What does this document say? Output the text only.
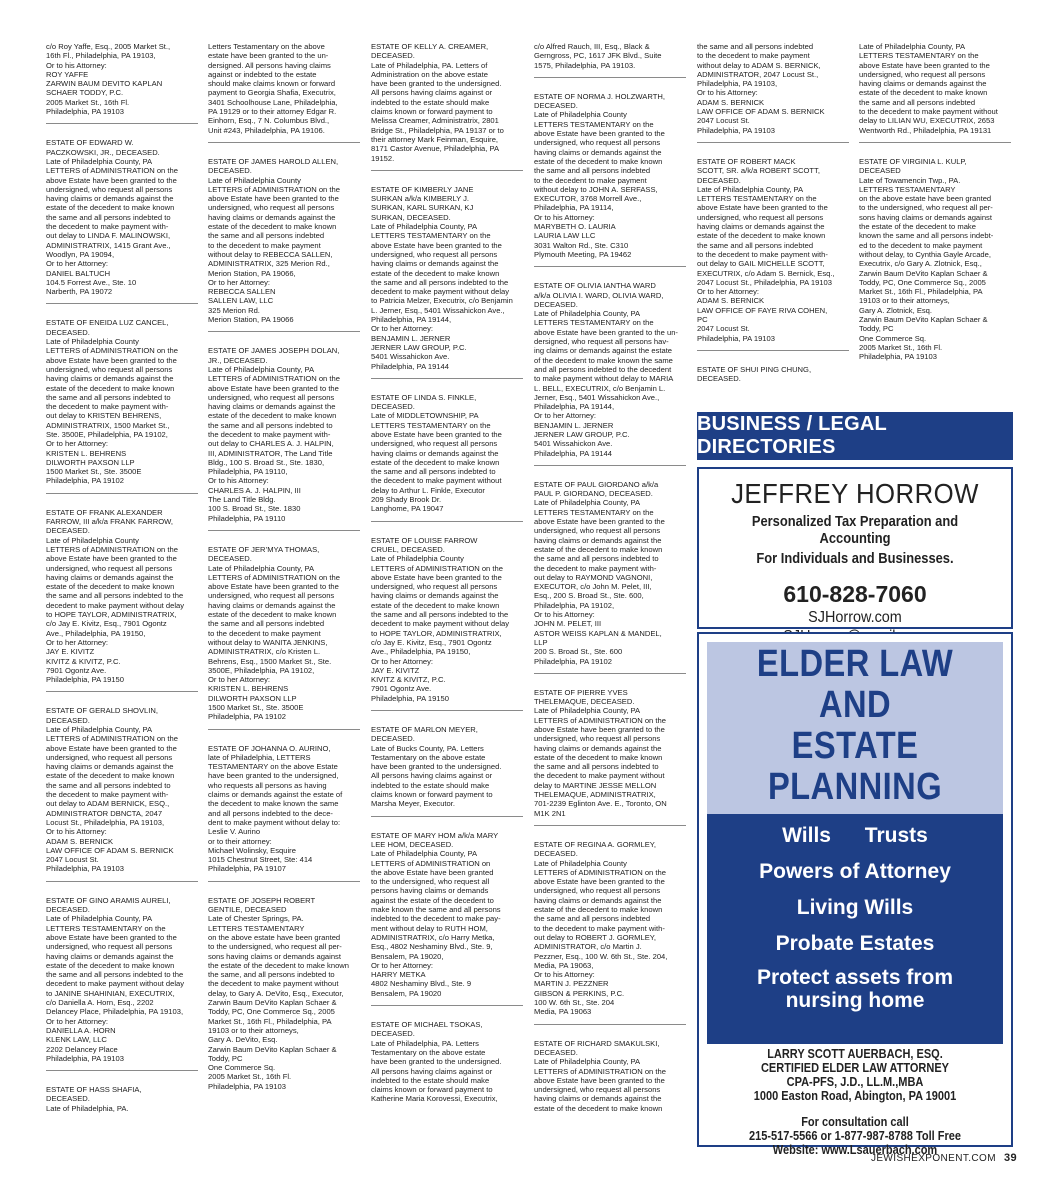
c/o Roy Yaffe, Esq., 2005 Market St.,
16th Fl., Philadelphia, PA 19103,
Or to his Attorney:
ROY YAFFE
ZARWIN BAUM DEVITO KAPLAN
SCHAER TODDY, P.C.
2005 Market St., 16th Fl.
Philadelphia, PA 19103
ESTATE OF EDWARD W.
PACZKOWSKI, JR., DECEASED.
Late of Philadelphia County, PA
LETTERS of ADMINISTRATION on the
above Estate have been granted to the
undersigned, who request all persons
having claims or demands against the
estate of the decedent to make known
the same and all persons indebted to
the decedent to make payment with-
out delay to LINDA F. MALINOWSKI,
ADMINISTRATRIX, 1415 Grant Ave.,
Woodlyn, PA 19094,
Or to her Attorney:
DANIEL BALTUCH
104.5 Forrest Ave., Ste. 10
Narberth, PA 19072
ESTATE OF ENEIDA LUZ CANCEL,
DECEASED.
Late of Philadelphia County
LETTERS of ADMINISTRATION on the
above Estate have been granted to the
undersigned, who request all persons
having claims or demands against the
estate of the decedent to make known
the same and all persons indebted to
the decedent to make payment with-
out delay to KRISTEN BEHRENS,
ADMINISTRATRIX, 1500 Market St.,
Ste. 3500E, Philadelphia, PA 19102,
Or to her Attorney:
KRISTEN L. BEHRENS
DILWORTH PAXSON LLP
1500 Market St., Ste. 3500E
Philadelphia, PA 19102
ESTATE OF FRANK ALEXANDER
FARROW, III a/k/a FRANK FARROW,
DECEASED.
Late of Philadelphia County
LETTERS of ADMINISTRATION on the
above Estate have been granted to the
undersigned, who request all persons
having claims or demands against the
estate of the decedent to make known
the same and all persons indebted to the
decedent to make payment without delay
to HOPE TAYLOR, ADMINISTRATRIX,
c/o Jay E. Kivitz, Esq., 7901 Ogontz
Ave., Philadelphia, PA 19150,
Or to her Attorney:
JAY E. KIVITZ
KIVITZ & KIVITZ, P.C.
7901 Ogontz Ave.
Philadelphia, PA 19150
ESTATE OF GERALD SHOVLIN,
DECEASED.
Late of Philadelphia County, PA
LETTERS of ADMINISTRATION on the
above Estate have been granted to the
undersigned, who request all persons
having claims or demands against the
estate of the decedent to make known
the same and all persons indebted to
the decedent to make payment with-
out delay to ADAM BERNICK, ESQ.,
ADMINISTRATOR DBNCTA, 2047
Locust St., Philadelphia, PA 19103,
Or to his Attorney:
ADAM S. BERNICK
LAW OFFICE OF ADAM S. BERNICK
2047 Locust St.
Philadelphia, PA 19103
ESTATE OF GINO ARAMIS AURELI,
DECEASED.
Late of Philadelphia County, PA
LETTERS TESTAMENTARY on the
above Estate have been granted to the
undersigned, who request all persons
having claims or demands against the
estate of the decedent to make known
the same and all persons indebted to the
decedent to make payment without delay
to JANINE SHAHINIAN, EXECUTRIX,
c/o Daniella A. Horn, Esq., 2202
Delancey Place, Philadelphia, PA 19103,
Or to her Attorney:
DANIELLA A. HORN
KLENK LAW, LLC
2202 Delancey Place
Philadelphia, PA 19103
ESTATE OF HASS SHAFIA,
DECEASED.
Late of Philadelphia, PA.
Letters Testamentary on the above
estate have been granted to the un-
dersigned. All persons having claims
against or indebted to the estate
should make claims known or forward
payment to Georgia Shafia, Executrix,
3401 Schoolhouse Lane, Philadelphia,
PA 19129 or to their attorney Edgar R.
Einhorn, Esq., 7 N. Columbus Blvd.,
Unit #243, Philadelphia, PA 19106.
ESTATE OF JAMES HAROLD ALLEN,
DECEASED.
Late of Philadelphia County
LETTERS of ADMINISTRATION on the
above Estate have been granted to the
undersigned, who request all persons
having claims or demands against the
estate of the decedent to make known
the same and all persons indebted
to the decedent to make payment
without delay to REBECCA SALLEN,
ADMINISTRATRIX, 325 Merion Rd.,
Merion Station, PA 19066,
Or to her Attorney:
REBECCA SALLEN
SALLEN LAW, LLC
325 Merion Rd.
Merion Station, PA 19066
ESTATE OF JAMES JOSEPH DOLAN,
JR., DECEASED.
Late of Philadelphia County, PA
LETTERS of ADMINISTRATION on the
above Estate have been granted to the
undersigned, who request all persons
having claims or demands against the
estate of the decedent to make known
the same and all persons indebted to
the decedent to make payment with-
out delay to CHARLES A. J. HALPIN,
III, ADMINISTRATOR, The Land Title
Bldg., 100 S. Broad St., Ste. 1830,
Philadelphia, PA 19110,
Or to his Attorney:
CHARLES A. J. HALPIN, III
The Land Title Bldg.
100 S. Broad St., Ste. 1830
Philadelphia, PA 19110
ESTATE OF JER’MYA THOMAS,
DECEASED.
Late of Philadelphia County, PA
LETTERS of ADMINISTRATION on the
above Estate have been granted to the
undersigned, who request all persons
having claims or demands against the
estate of the decedent to make known
the same and all persons indebted
to the decedent to make payment
without delay to WANITA JENKINS,
ADMINISTRATRIX, c/o Kristen L.
Behrens, Esq., 1500 Market St., Ste.
3500E, Philadelphia, PA 19102,
Or to her Attorney:
KRISTEN L. BEHRENS
DILWORTH PAXSON LLP
1500 Market St., Ste. 3500E
Philadelphia, PA 19102
ESTATE OF JOHANNA O. AURINO,
late of Philadelphia, LETTERS
TESTAMENTARY on the above Estate
have been granted to the undersigned,
who requests all persons as having
claims or demands against the estate of
the decedent to make known the same
and all persons indebted to the dece-
dent to make payment without delay to:
Leslie V. Aurino
or to their attorney:
Michael Wolinsky, Esquire
1015 Chestnut Street, Ste: 414
Philadelphia, PA 19107
ESTATE OF JOSEPH ROBERT
GENTILE, DECEASED
Late of Chester Springs, PA.
LETTERS TESTAMENTARY
on the above estate have been granted
to the undersigned, who request all per-
sons having claims or demands against
the estate of the decedent to make known
the same, and all persons indebted to
the decedent to make payment without
delay, to Gary A. DeVito, Esq., Executor,
Zarwin Baum DeVito Kaplan Schaer &
Toddy, PC, One Commerce Sq., 2005
Market St., 16th Fl., Philadelphia, PA
19103 or to their attorneys,
Gary A. DeVito, Esq.
Zarwin Baum DeVito Kaplan Schaer &
Toddy, PC
One Commerce Sq.
2005 Market St., 16th Fl.
Philadelphia, PA 19103
ESTATE OF KELLY A. CREAMER,
DECEASED.
Late of Philadelphia, PA. Letters of
Administration on the above estate
have been granted to the undersigned.
All persons having claims against or
indebted to the estate should make
claims known or forward payment to
Melissa Creamer, Administratrix, 2801
Bridge St., Philadelphia, PA 19137 or to
their attorney Mark Feinman, Esquire,
8171 Castor Avenue, Philadelphia, PA
19152.
ESTATE OF KIMBERLY JANE
SURKAN a/k/a KIMBERLY J.
SURKAN, KARL SURKAN, KJ
SURKAN, DECEASED.
Late of Philadelphia County, PA
LETTERS TESTAMENTARY on the
above Estate have been granted to the
undersigned, who request all persons
having claims or demands against the
estate of the decedent to make known
the same and all persons indebted to the
decedent to make payment without delay
to Patricia Melzer, Executrix, c/o Benjamin
L. Jerner, Esq., 5401 Wissahickon Ave.,
Philadelphia, PA 19144,
Or to her Attorney:
BENJAMIN L. JERNER
JERNER LAW GROUP, P.C.
5401 Wissahickon Ave.
Philadelphia, PA 19144
ESTATE OF LINDA S. FINKLE,
DECEASED.
Late of MIDDLETOWNSHIP, PA
LETTERS TESTAMENTARY on the
above Estate have been granted to the
undersigned, who request all persons
having claims or demands against the
estate of the decedent to make known
the same and all persons indebted to
the decedent to make payment without
delay to Arthur L. Finkle, Executor
209 Shady Brook Dr.
Langhome, PA 19047
ESTATE OF LOUISE FARROW
CRUEL, DECEASED.
Late of Philadelphia County
LETTERS of ADMINISTRATION on the
above Estate have been granted to the
undersigned, who request all persons
having claims or demands against the
estate of the decedent to make known
the same and all persons indebted to the
decedent to make payment without delay
to HOPE TAYLOR, ADMINISTRATRIX,
c/o Jay E. Kivitz, Esq., 7901 Ogontz
Ave., Philadelphia, PA 19150,
Or to her Attorney:
JAY E. KIVITZ
KIVITZ & KIVITZ, P.C.
7901 Ogontz Ave.
Philadelphia, PA 19150
ESTATE OF MARLON MEYER,
DECEASED.
Late of Bucks County, PA. Letters
Testamentary on the above estate
have been granted to the undersigned.
All persons having claims against or
indebted to the estate should make
claims known or forward payment to
Marsha Meyer, Executor.
ESTATE OF MARY HOM a/k/a MARY
LEE HOM, DECEASED.
Late of Philadelphia County, PA
LETTERS of ADMINISTRATION on
the above Estate have been granted
to the undersigned, who request all
persons having claims or demands
against the estate of the decedent to
make known the same and all persons
indebted to the decedent to make pay-
ment without delay to RUTH HOM,
ADMINISTRATRIX, c/o Harry Metka,
Esq., 4802 Neshaminy Blvd., Ste. 9,
Bensalem, PA 19020,
Or to her Attorney:
HARRY METKA
4802 Neshaminy Blvd., Ste. 9
Bensalem, PA 19020
ESTATE OF MICHAEL TSOKAS,
DECEASED.
Late of Philadelphia, PA. Letters
Testamentary on the above estate
have been granted to the undersigned.
All persons having claims against or
indebted to the estate should make
claims known or forward payment to
Katherine Maria Korovessi, Executrix,
c/o Alfred Rauch, III, Esq., Black &
Gerngross, PC, 1617 JFK Blvd., Suite
1575, Philadelphia, PA 19103.
ESTATE OF NORMA J. HOLZWARTH,
DECEASED.
Late of Philadelphia County
LETTERS TESTAMENTARY on the
above Estate have been granted to the
undersigned, who request all persons
having claims or demands against the
estate of the decedent to make known
the same and all persons indebted
to the decedent to make payment
without delay to JOHN A. SERFASS,
EXECUTOR, 3768 Morrell Ave.,
Philadelphia, PA 19114,
Or to his Attorney:
MARYBETH O. LAURIA
LAURIA LAW LLC
3031 Walton Rd., Ste. C310
Plymouth Meeting, PA 19462
ESTATE OF OLIVIA IANTHA WARD
a/k/a OLIVIA I. WARD, OLIVIA WARD,
DECEASED.
Late of Philadelphia County, PA
LETTERS TESTAMENTARY on the
above Estate have been granted to the un-
dersigned, who request all persons hav-
ing claims or demands against the estate
of the decedent to make known the same
and all persons indebted to the decedent
to make payment without delay to MARIA
L. BELL, EXECUTRIX, c/o Benjamin L.
Jerner, Esq., 5401 Wissahickon Ave.,
Philadelphia, PA 19144,
Or to her Attorney:
BENJAMIN L. JERNER
JERNER LAW GROUP, P.C.
5401 Wissahickon Ave.
Philadelphia, PA 19144
ESTATE OF PAUL GIORDANO a/k/a
PAUL P. GIORDANO, DECEASED.
Late of Philadelphia County, PA
LETTERS TESTAMENTARY on the
above Estate have been granted to the
undersigned, who request all persons
having claims or demands against the
estate of the decedent to make known
the same and all persons indebted to
the decedent to make payment with-
out delay to RAYMOND VAGNONI,
EXECUTOR, c/o John M. Pelet, III,
Esq., 200 S. Broad St., Ste. 600,
Philadelphia, PA 19102,
Or to his Attorney:
JOHN M. PELET, III
ASTOR WEISS KAPLAN & MANDEL,
LLP
200 S. Broad St., Ste. 600
Philadelphia, PA 19102
ESTATE OF PIERRE YVES
THELEMAQUE, DECEASED.
Late of Philadelphia County, PA
LETTERS of ADMINISTRATION on the
above Estate have been granted to the
undersigned, who request all persons
having claims or demands against the
estate of the decedent to make known
the same and all persons indebted to
the decedent to make payment without
delay to MARTINE JESSE MELLON
THELEMAQUE, ADMINISTRATRIX,
701-2239 Eglinton Ave. E., Toronto, ON
M1K 2N1
ESTATE OF REGINA A. GORMLEY,
DECEASED.
Late of Philadelphia County
LETTERS of ADMINISTRATION on the
above Estate have been granted to the
undersigned, who request all persons
having claims or demands against the
estate of the decedent to make known
the same and all persons indebted
to the decedent to make payment with-
out delay to ROBERT J. GORMLEY,
ADMINISTRATOR, c/o Martin J.
Pezzner, Esq., 100 W. 6th St., Ste. 204,
Media, PA 19063,
Or to his Attorney:
MARTIN J. PEZZNER
GIBSON & PERKINS, P.C.
100 W. 6th St., Ste. 204
Media, PA 19063
ESTATE OF RICHARD SMAKULSKI,
DECEASED.
Late of Philadelphia County, PA
LETTERS of ADMINISTRATION on the
above Estate have been granted to the
undersigned, who request all persons
having claims or demands against the
estate of the decedent to make known
the same and all persons indebted
to the decedent to make payment
without delay to ADAM S. BERNICK,
ADMINISTRATOR, 2047 Locust St.,
Philadelphia, PA 19103,
Or to his Attorney:
ADAM S. BERNICK
LAW OFFICE OF ADAM S. BERNICK
2047 Locust St.
Philadelphia, PA 19103
ESTATE OF ROBERT MACK
SCOTT, SR. a/k/a ROBERT SCOTT,
DECEASED.
Late of Philadelphia County, PA
LETTERS TESTAMENTARY on the
above Estate have been granted to the
undersigned, who request all persons
having claims or demands against the
estate of the decedent to make known
the same and all persons indebted
to the decedent to make payment with-
out delay to GAIL MICHELLE SCOTT,
EXECUTRIX, c/o Adam S. Bernick, Esq.,
2047 Locust St., Philadelphia, PA 19103
Or to her Attorney:
ADAM S. BERNICK
LAW OFFICE OF FAYE RIVA COHEN,
PC
2047 Locust St.
Philadelphia, PA 19103
ESTATE OF SHUI PING CHUNG,
DECEASED.
Late of Philadelphia County, PA
LETTERS TESTAMENTARY on the
above Estate have been granted to the
undersigned, who request all persons
having claims or demands against the
estate of the decedent to make known
the same and all persons indebted
to the decedent to make payment without
delay to LILIAN WU, EXECUTRIX, 2653
Wentworth Rd., Philadelphia, PA 19131
ESTATE OF VIRGINIA L. KULP,
DECEASED
Late of Towamencin Twp., PA.
LETTERS TESTAMENTARY
on the above estate have been granted
to the undersigned, who request all per-
sons having claims or demands against
the estate of the decedent to make
known the same and all persons indebt-
ed to the decedent to make payment
without delay, to Cynthia Gayle Arcade,
Executrix, c/o Gary A. Zlotnick, Esq.,
Zarwin Baum DeVito Kaplan Schaer &
Toddy, PC, One Commerce Sq., 2005
Market St., 16th Fl., Philadelphia, PA
19103 or to their attorneys,
Gary A. Zlotnick, Esq.
Zarwin Baum DeVito Kaplan Schaer &
Toddy, PC
One Commerce Sq.
2005 Market St., 16th Fl.
Philadelphia, PA 19103
BUSINESS / LEGAL DIRECTORIES
JEFFREY HORROW
Personalized Tax Preparation and Accounting
For Individuals and Businesses.
610-828-7060
SJHorrow.com
ELDER LAW
AND
ESTATE
PLANNING
Wills Trusts
Powers of Attorney
Living Wills
Probate Estates
Protect assets from
nursing home
LARRY SCOTT AUERBACH, ESQ.
CERTIFIED ELDER LAW ATTORNEY
CPA-PFS, J.D., LL.M.,MBA
1000 Easton Road, Abington, PA 19001
For consultation call
215-517-5566 or 1-877-987-8788 Toll Free
Website: www.Lsauerbach.com
JEWISHEXPONENT.COM 39
